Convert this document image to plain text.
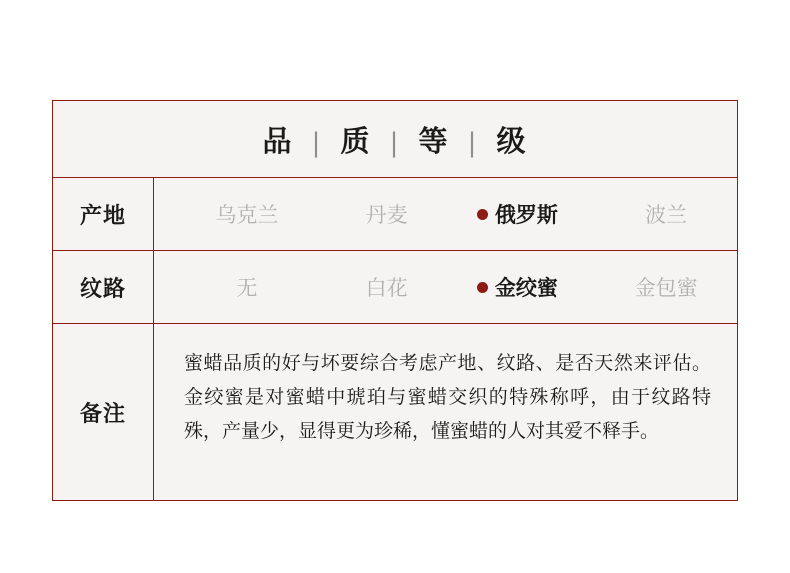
品 | 质 | 等 | 级
产地	乌克兰	丹麦	俄罗斯	波兰
纹路	无	白花	金绞蜜	金包蜜
备注
蜜蜡品质的好与坏要综合考虑产地、纹路、是否天然来评估。金绞蜜是对蜜蜡中琥珀与蜜蜡交织的特殊称呼，由于纹路特殊，产量少，显得更为珍稀，懂蜜蜡的人对其爱不释手。
